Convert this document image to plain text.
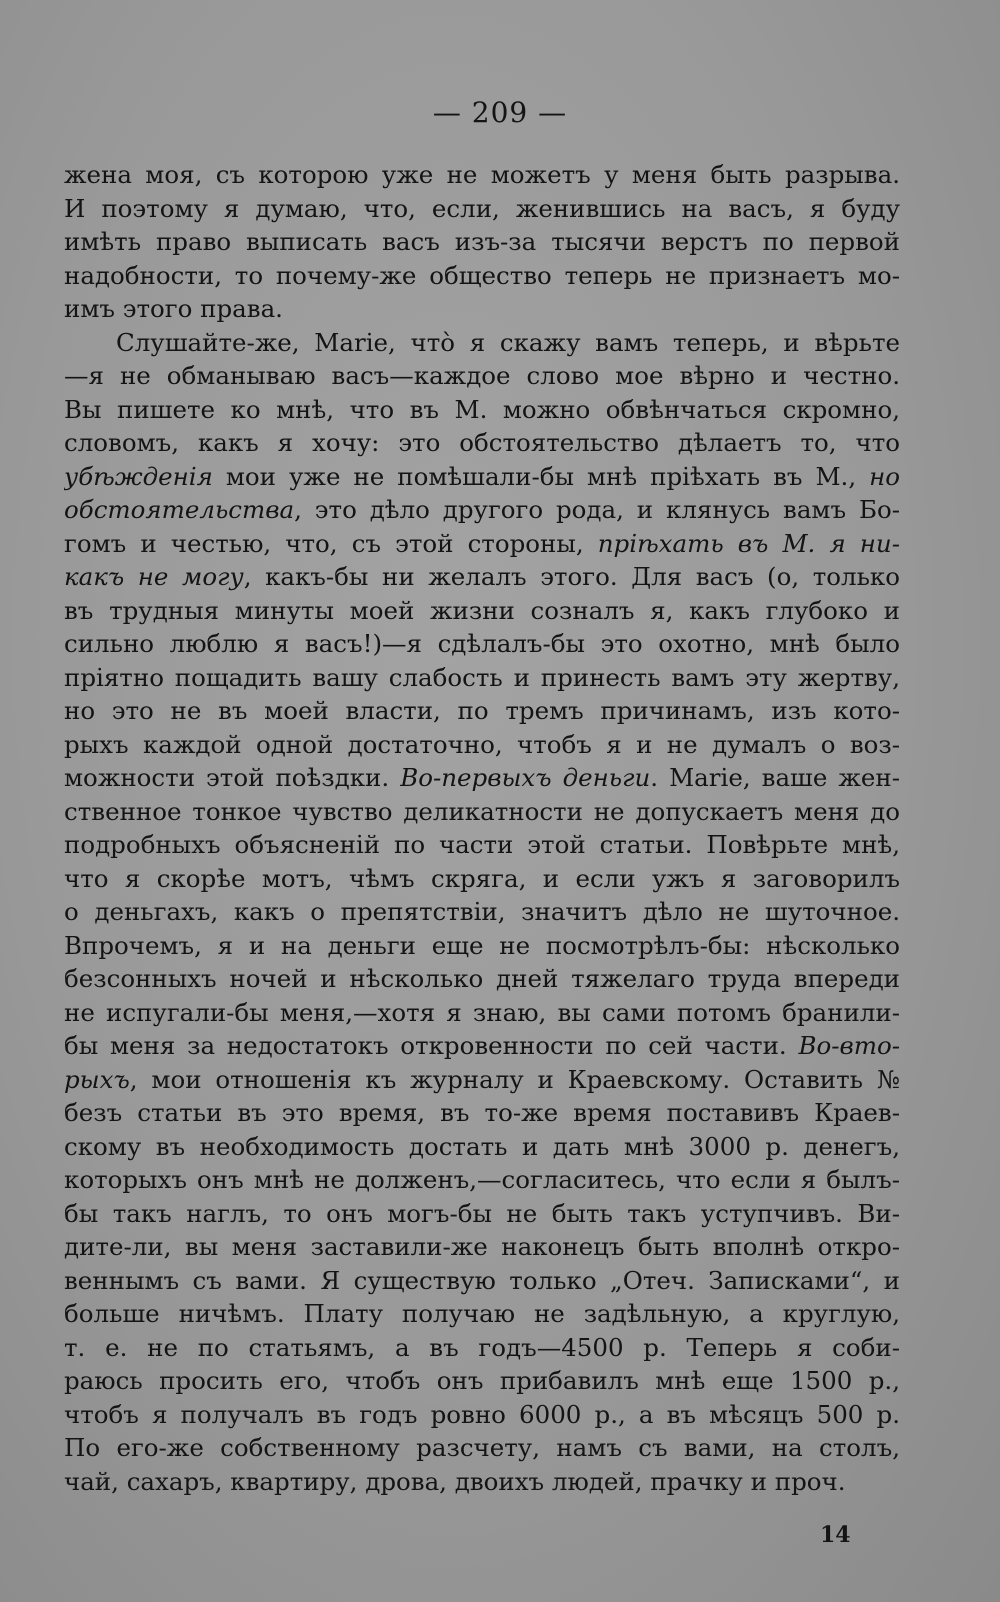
— 209 —
жена моя, съ которою уже не можетъ у меня быть разрыва.
И поэтому я думаю, что, если, женившись на васъ, я буду
имѣть право выписать васъ изъ-за тысячи верстъ по первой
надобности, то почему-же общество теперь не признаетъ мо-
имъ этого права.
Слушайте-же, Marie, что̀ я скажу вамъ теперь, и вѣрьте
—я не обманываю васъ—каждое слово мое вѣрно и честно.
Вы пишете ко мнѣ, что въ М. можно обвѣнчаться скромно,
словомъ, какъ я хочу: это обстоятельство дѣлаетъ то, что
убѣжденія мои уже не помѣшали-бы мнѣ пріѣхать въ М., но
обстоятельства, это дѣло другого рода, и клянусь вамъ Бо-
гомъ и честью, что, съ этой стороны, пріѣхать въ М. я ни-
какъ не могу, какъ-бы ни желалъ этого. Для васъ (о, только
въ трудныя минуты моей жизни созналъ я, какъ глубоко и
сильно люблю я васъ!)—я сдѣлалъ-бы это охотно, мнѣ было
пріятно пощадить вашу слабость и принесть вамъ эту жертву,
но это не въ моей власти, по тремъ причинамъ, изъ кото-
рыхъ каждой одной достаточно, чтобъ я и не думалъ о воз-
можности этой поѣздки. Во-первыхъ деньги. Marie, ваше жен-
ственное тонкое чувство деликатности не допускаетъ меня до
подробныхъ объясненій по части этой статьи. Повѣрьте мнѣ,
что я скорѣе мотъ, чѣмъ скряга, и если ужъ я заговорилъ
о деньгахъ, какъ о препятствіи, значитъ дѣло не шуточное.
Впрочемъ, я и на деньги еще не посмотрѣлъ-бы: нѣсколько
безсонныхъ ночей и нѣсколько дней тяжелаго труда впереди
не испугали-бы меня,—хотя я знаю, вы сами потомъ бранили-
бы меня за недостатокъ откровенности по сей части. Во-вто-
рыхъ, мои отношенія къ журналу и Краевскому. Оставить №
безъ статьи въ это время, въ то-же время поставивъ Краев-
скому въ необходимость достать и дать мнѣ 3000 р. денегъ,
которыхъ онъ мнѣ не долженъ,—согласитесь, что если я былъ-
бы такъ наглъ, то онъ могъ-бы не быть такъ уступчивъ. Ви-
дите-ли, вы меня заставили-же наконецъ быть вполнѣ откро-
веннымъ съ вами. Я существую только „Отеч. Записками“, и
больше ничѣмъ. Плату получаю не задѣльную, а круглую,
т. е. не по статьямъ, а въ годъ—4500 р. Теперь я соби-
раюсь просить его, чтобъ онъ прибавилъ мнѣ еще 1500 р.,
чтобъ я получалъ въ годъ ровно 6000 р., а въ мѣсяцъ 500 р.
По его-же собственному разсчету, намъ съ вами, на столъ,
чай, сахаръ, квартиру, дрова, двоихъ людей, прачку и проч.
14
